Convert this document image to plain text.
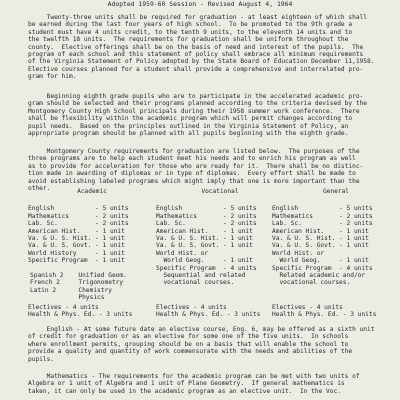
Adopted 1959-60 Session - Revised August 4, 1964
Twenty-three units shall be required for graduation - at least eighteen of which shall
be earned during the last four years of high school.  To be promoted to the 9th grade a
student must have 4 units credit, to the tenth 9 units, to the eleventh 14 units and to
the twelfth 18 units.  The requirements for graduation shall be uniform throughout the
county.  Elective offerings shall be on the basis of need and interest of the pupils.  The
program of each school and this statement of policy shall embrace all minimum requirements
of the Virginia Statement of Policy adopted by the State Board of Education December 11,1958.
Elective courses planned for a student shall provide a comprehensive and interrelated pro-
gram for him.
Beginning eighth grade pupils who are to participate in the accelerated academic pro-
gram should be selected and their programs planned according to the criteria devised by the
Montgomery County High School principals during their 1958 summer work conference.  There
shall be flexibility within the academic program which will permit changes according to
pupil needs.  Based on the principles outlined in the Virginia Statement of Policy, an
appropriate program should be planned with all pupils beginning with the eighth grade.
Montgomery County requirements for graduation are listed below.  The purposes of the
three programs are to help each student meet his needs and to enrich his program as well
as to provide for acceleration for those who are ready for it.  There shall be no distinc-
tion made in awarding of diplomas or in type of diplomas.  Every effort shall be made to
avoid establishing labeled programs which might imply that one is more important than the
other.	Academic
English           - 5 units
Mathematics       - 2 units
Lab. Sc.          - 2 units
American Hist.    - 1 unit
Va. & U. S. Hist. - 1 unit
Va. & U. S. Govt. - 1 unit
World History     - 1 unit
Specific Program  - 1 unit
Vocational
English           - 5 units
Mathematics       - 2 units
Lab. Sc.          - 2 units
American Hist.    - 1 unit
Va. & U. S. Hist. - 1 unit
Va. & U. S. Govt. - 1 unit
World Hist. or
World Geog.     - 1 unit
Specific Program  - 4 units
Sequential and related
vocational courses.
General
English           - 5 units
Mathematics       - 2 units
Lab. Sc.          - 2 units
American Hist.    - 1 unit
Va. & U. S. Hist. - 1 unit
Va. & U. S. Govt. - 1 unit
World Hist. or
World Geog.     - 1 unit
Specific Program  - 4 units
Related academic and/or
vocational courses.
Spanish 2    Unified Geom.
French 2     Trigonometry
Latin 2      Chemistry
Physics
Electives - 4 units
Health & Phys. Ed. - 3 units
Electives - 4 units
Health & Phys. Ed. - 3 units
Electives - 4 units
Health & Phys. Ed. - 3 units
English - At some future date an elective course, Eng. 6, may be offered as a sixth unit
of credit for graduation or as an elective for some one of the five units.  In schools
where enrollment permits, grouping should be on a basis that will enable the school to
provide a quality and quantity of work commensurate with the needs and abilities of the
pupils.
Mathematics - The requirements for the academic program can be met with two units of
Algebra or 1 unit of Algebra and 1 unit of Plane Geometry.  If general mathematics is
taken, it can only be used in the academic program as an elective unit.  In the Voc.
